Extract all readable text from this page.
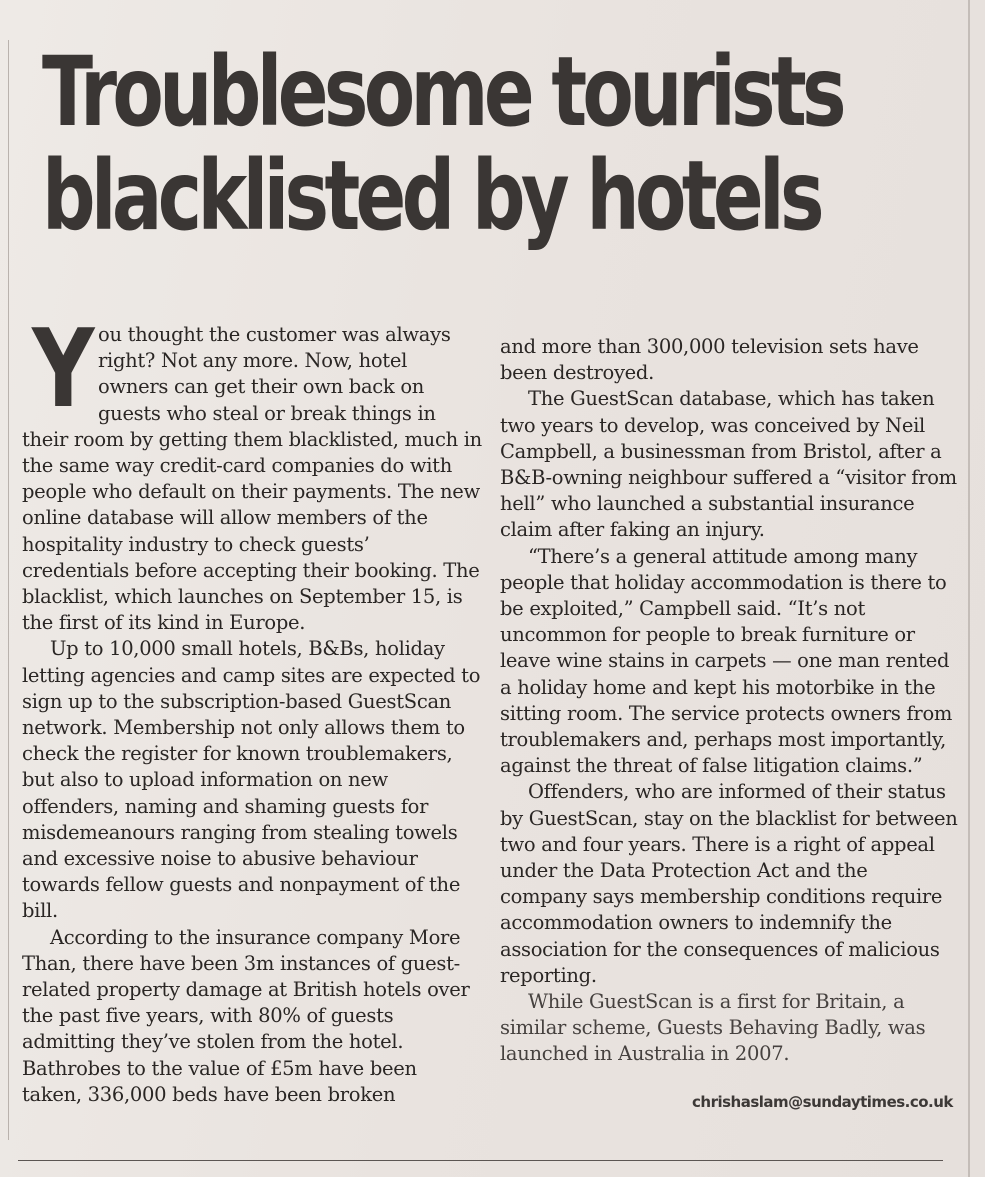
Troublesome tourists
blacklisted by hotels

You thought the customer was always right? Not any more. Now, hotel owners can get their own back on guests who steal or break things in their room by getting them blacklisted, much in the same way credit-card companies do with people who default on their payments. The new online database will allow members of the hospitality industry to check guests’ credentials before accepting their booking. The blacklist, which launches on September 15, is the first of its kind in Europe.

Up to 10,000 small hotels, B&Bs, holiday letting agencies and camp sites are expected to sign up to the subscription-based GuestScan network. Membership not only allows them to check the register for known troublemakers, but also to upload information on new offenders, naming and shaming guests for misdemeanours ranging from stealing towels and excessive noise to abusive behaviour towards fellow guests and nonpayment of the bill.

According to the insurance company More Than, there have been 3m instances of guest-related property damage at British hotels over the past five years, with 80% of guests admitting they’ve stolen from the hotel. Bathrobes to the value of £5m have been taken, 336,000 beds have been broken

and more than 300,000 television sets have been destroyed.

The GuestScan database, which has taken two years to develop, was conceived by Neil Campbell, a businessman from Bristol, after a B&B-owning neighbour suffered a “visitor from hell” who launched a substantial insurance claim after faking an injury.

“There’s a general attitude among many people that holiday accommodation is there to be exploited,” Campbell said. “It’s not uncommon for people to break furniture or leave wine stains in carpets — one man rented a holiday home and kept his motorbike in the sitting room. The service protects owners from troublemakers and, perhaps most importantly, against the threat of false litigation claims.”

Offenders, who are informed of their status by GuestScan, stay on the blacklist for between two and four years. There is a right of appeal under the Data Protection Act and the company says membership conditions require accommodation owners to indemnify the association for the consequences of malicious reporting.

While GuestScan is a first for Britain, a similar scheme, Guests Behaving Badly, was launched in Australia in 2007.

chrishaslam@sundaytimes.co.uk
